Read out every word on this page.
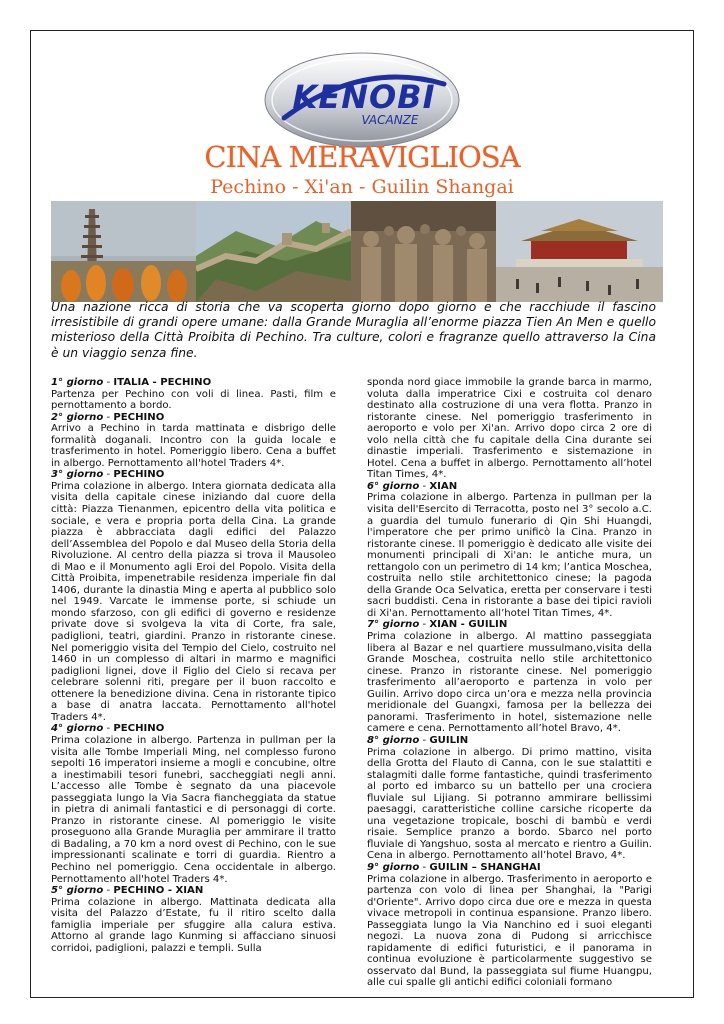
KENOBI
VACANZE
CINA MERAVIGLIOSA
Pechino - Xi'an - Guilin Shangai
Una nazione ricca di storia che va scoperta giorno dopo giorno e che racchiude il fascino irresistibile di grandi opere umane: dalla Grande Muraglia all’enorme piazza Tien An Men e quello misterioso della Città Proibita di Pechino. Tra culture, colori e fragranze quello attraverso la Cina è un viaggio senza fine.

1° giorno - ITALIA - PECHINO

Partenza per Pechino con voli di linea. Pasti, film e pernottamento a bordo.

2° giorno - PECHINO

Arrivo a Pechino in tarda mattinata e disbrigo delle formalità doganali. Incontro con la guida locale e trasferimento in hotel. Pomeriggio libero. Cena a buffet in albergo. Pernottamento all'hotel Traders 4*.

3° giorno - PECHINO

Prima colazione in albergo. Intera giornata dedicata alla visita della capitale cinese iniziando dal cuore della città: Piazza Tienanmen, epicentro della vita politica e sociale, e vera e propria porta della Cina. La grande piazza è abbracciata dagli edifici del Palazzo dell’Assemblea del Popolo e dal Museo della Storia della Rivoluzione. Al centro della piazza si trova il Mausoleo di Mao e il Monumento agli Eroi del Popolo. Visita della Città Proibita, impenetrabile residenza imperiale fin dal 1406, durante la dinastia Ming e aperta al pubblico solo nel 1949. Varcate le immense porte, si schiude un mondo sfarzoso, con gli edifici di governo e residenze private dove si svolgeva la vita di Corte, fra sale, padiglioni, teatri, giardini. Pranzo in ristorante cinese. Nel pomeriggio visita del Tempio del Cielo, costruito nel 1460 in un complesso di altari in marmo e magnifici padiglioni lignei, dove il Figlio del Cielo si recava per celebrare solenni riti, pregare per il buon raccolto e ottenere la benedizione divina. Cena in ristorante tipico a base di anatra laccata. Pernottamento all'hotel Traders 4*.

4° giorno - PECHINO

Prima colazione in albergo. Partenza in pullman per la visita alle Tombe Imperiali Ming, nel complesso furono sepolti 16 imperatori insieme a mogli e concubine, oltre a inestimabili tesori funebri, saccheggiati negli anni. L’accesso alle Tombe è segnato da una piacevole passeggiata lungo la Via Sacra fiancheggiata da statue in pietra di animali fantastici e di personaggi di corte. Pranzo in ristorante cinese. Al pomeriggio le visite proseguono alla Grande Muraglia per ammirare il tratto di Badaling, a 70 km a nord ovest di Pechino, con le sue impressionanti scalinate e torri di guardia. Rientro a Pechino nel pomeriggio. Cena occidentale in albergo. Pernottamento all'hotel Traders 4*.

5° giorno - PECHINO - XIAN

Prima colazione in albergo. Mattinata dedicata alla visita del Palazzo d’Estate, fu il ritiro scelto dalla famiglia imperiale per sfuggire alla calura estiva. Attorno al grande lago Kunming si affacciano sinuosi corridoi, padiglioni, palazzi e templi. Sulla

sponda nord giace immobile la grande barca in marmo, voluta dalla imperatrice Cixi e costruita col denaro destinato alla costruzione di una vera flotta. Pranzo in ristorante cinese. Nel pomeriggio trasferimento in aeroporto e volo per Xi'an. Arrivo dopo circa 2 ore di volo nella città che fu capitale della Cina durante sei dinastie imperiali. Trasferimento e sistemazione in Hotel. Cena a buffet in albergo. Pernottamento all’hotel Titan Times, 4*.

6° giorno - XIAN

Prima colazione in albergo. Partenza in pullman per la visita dell'Esercito di Terracotta, posto nel 3° secolo a.C. a guardia del tumulo funerario di Qin Shi Huangdi, l'imperatore che per primo unificò la Cina. Pranzo in ristorante cinese. Il pomeriggio è dedicato alle visite dei monumenti principali di Xi'an: le antiche mura, un rettangolo con un perimetro di 14 km; l’antica Moschea, costruita nello stile architettonico cinese; la pagoda della Grande Oca Selvatica, eretta per conservare i testi sacri buddisti. Cena in ristorante a base dei tipici ravioli di Xi'an. Pernottamento all’hotel Titan Times, 4*.

7° giorno - XIAN - GUILIN

Prima colazione in albergo. Al mattino passeggiata libera al Bazar e nel quartiere mussulmano,visita della Grande Moschea, costruita nello stile architettonico cinese. Pranzo in ristorante cinese. Nel pomeriggio trasferimento all’aeroporto e partenza in volo per Guilin. Arrivo dopo circa un’ora e mezza nella provincia meridionale del Guangxi, famosa per la bellezza dei panorami. Trasferimento in hotel, sistemazione nelle camere e cena. Pernottamento all’hotel Bravo, 4*.

8° giorno - GUILIN

Prima colazione in albergo. Di primo mattino, visita della Grotta del Flauto di Canna, con le sue stalattiti e stalagmiti dalle forme fantastiche, quindi trasferimento al porto ed imbarco su un battello per una crociera fluviale sul Lijiang. Si potranno ammirare bellissimi paesaggi, caratteristiche colline carsiche ricoperte da una vegetazione tropicale, boschi di bambù e verdi risaie. Semplice pranzo a bordo. Sbarco nel porto fluviale di Yangshuo, sosta al mercato e rientro a Guilin. Cena in albergo. Pernottamento all’hotel Bravo, 4*.

9° giorno - GUILIN – SHANGHAI

Prima colazione in albergo. Trasferimento in aeroporto e partenza con volo di linea per Shanghai, la "Parigi d'Oriente". Arrivo dopo circa due ore e mezza in questa vivace metropoli in continua espansione. Pranzo libero. Passeggiata lungo la Via Nanchino ed i suoi eleganti negozi. La nuova zona di Pudong si arricchisce rapidamente di edifici futuristici, e il panorama in continua evoluzione è particolarmente suggestivo se osservato dal Bund, la passeggiata sul fiume Huangpu, alle cui spalle gli antichi edifici coloniali formano
